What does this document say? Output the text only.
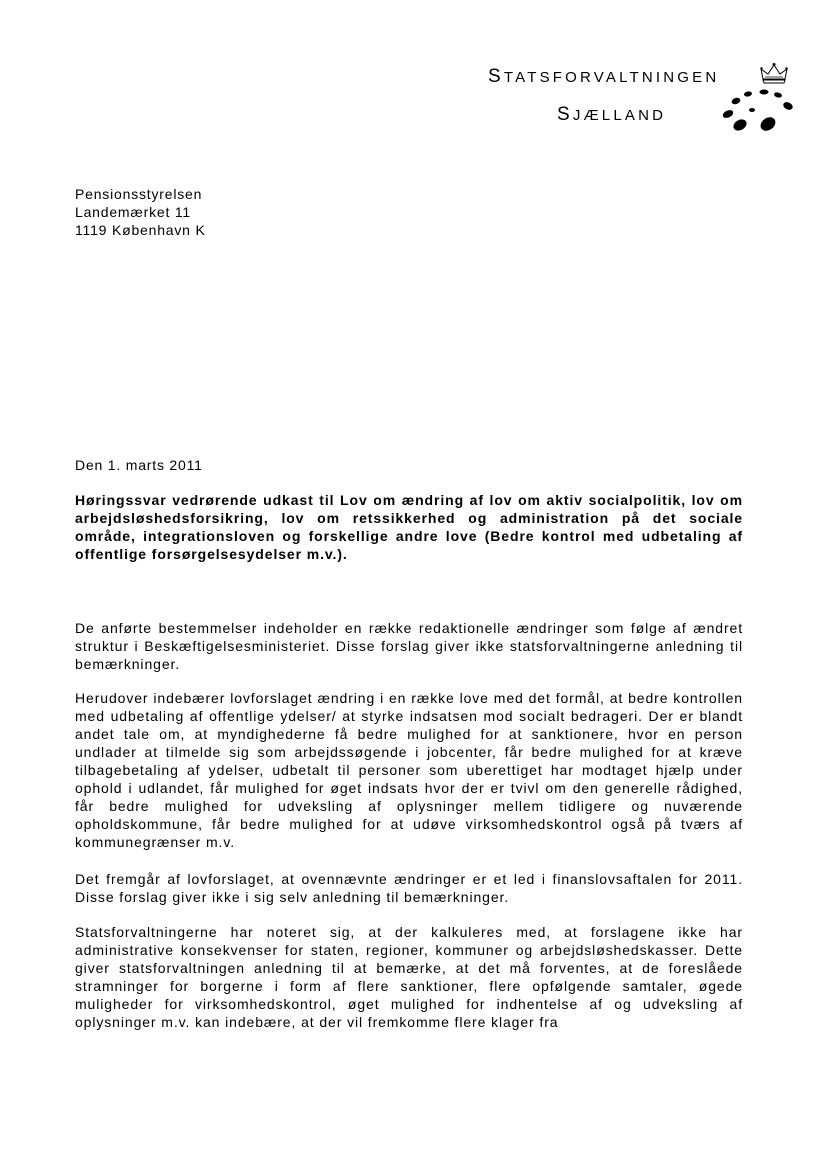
STATSFORVALTNINGEN
SJÆLLAND
Pensionsstyrelsen
Landemærket 11
1119 København K
Den 1. marts 2011
Høringssvar vedrørende udkast til Lov om ændring af lov om aktiv socialpolitik, lov om arbejdsløshedsforsikring, lov om retssikkerhed og administration på det sociale område, integrationsloven og forskellige andre love (Bedre kontrol med udbetaling af offentlige forsørgelsesydelser m.v.).
De anførte bestemmelser indeholder en række redaktionelle ændringer som følge af ændret struktur i Beskæftigelsesministeriet. Disse forslag giver ikke statsforvaltningerne anledning til bemærkninger.
Herudover indebærer lovforslaget ændring i en række love med det formål, at bedre kontrollen med udbetaling af offentlige ydelser/ at styrke indsatsen mod socialt bedrageri. Der er blandt andet tale om, at myndighederne få bedre mulighed for at sanktionere, hvor en person undlader at tilmelde sig som arbejdssøgende i jobcenter, får bedre mulighed for at kræve tilbagebetaling af ydelser, udbetalt til personer som uberettiget har modtaget hjælp under ophold i udlandet, får mulighed for øget indsats hvor der er tvivl om den generelle rådighed, får bedre mulighed for udveksling af oplysninger mellem tidligere og nuværende opholdskommune, får bedre mulighed for at udøve virksomhedskontrol også på tværs af kommunegrænser m.v.
Det fremgår af lovforslaget, at ovennævnte ændringer er et led i finanslovsaftalen for 2011. Disse forslag giver ikke i sig selv anledning til bemærkninger.
Statsforvaltningerne har noteret sig, at der kalkuleres med, at forslagene ikke har administrative konsekvenser for staten, regioner, kommuner og arbejdsløshedskasser. Dette giver statsforvaltningen anledning til at bemærke, at det må forventes, at de foreslåede stramninger for borgerne i form af flere sanktioner, flere opfølgende samtaler, øgede muligheder for virksomhedskontrol, øget mulighed for indhentelse af og udveksling af oplysninger m.v. kan indebære, at der vil fremkomme flere klager fra
